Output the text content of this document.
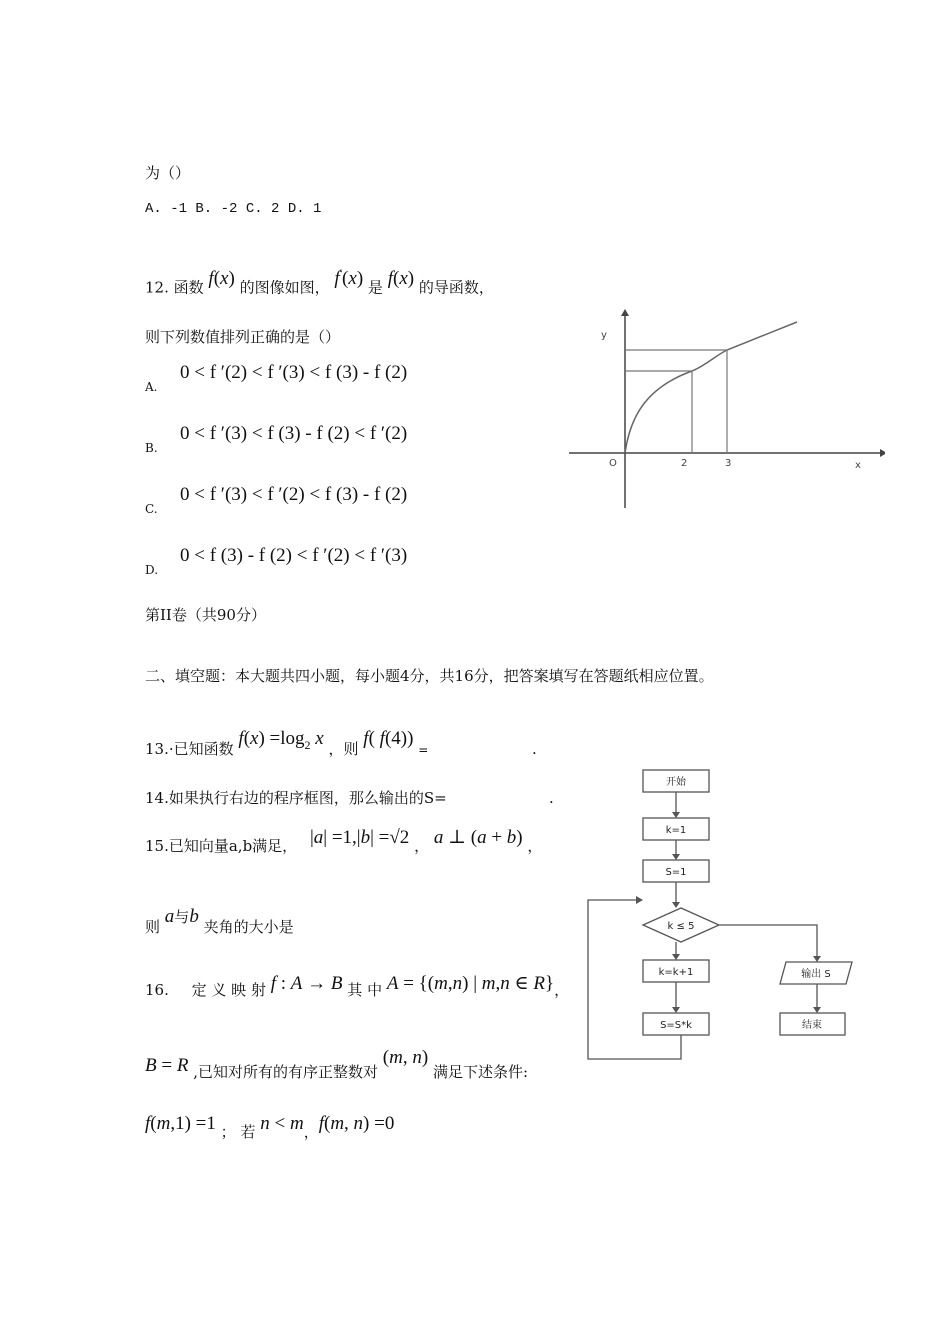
为（）
A. -1 B. -2 C. 2 D. 1
12. 函数 f(x) 的图像如图， f′(x) 是 f(x) 的导函数，
则下列数值排列正确的是（）
A.
0 < f ′(2) < f ′(3) < f (3) - f (2)
B.
0 < f ′(3) < f (3) - f (2) < f ′(2)
C.
0 < f ′(3) < f ′(2) < f (3) - f (2)
D.
0 < f (3) - f (2) < f ′(2) < f ′(3)
y
x
O	2	3
第II卷（共90分）
二、填空题：本大题共四小题，每小题4分，共16分，把答案填写在答题纸相应位置。
13.·已知函数 $f(x) =\log_2$ x ，则 f( f(4)) =	.
14.如果执行右边的程序框图，那么输出的S=	.
15.已知向量a,b满足， |a| =1,|b| =√2 ， a ⊥ (a + b) ，
则 a与b 夹角的大小是
16. 定 义 映 射 f : A → B 其 中 A = {(m,n) | m,n ∈ R}，
B = R ,已知对所有的有序正整数对 (m, n) 满足下述条件:
f(m,1) =1 ； 若 n < m，f(m, n) =0
开始
k=1
S=1
k ≤ 5
k=k+1
S=S*k
输出 S
结束
